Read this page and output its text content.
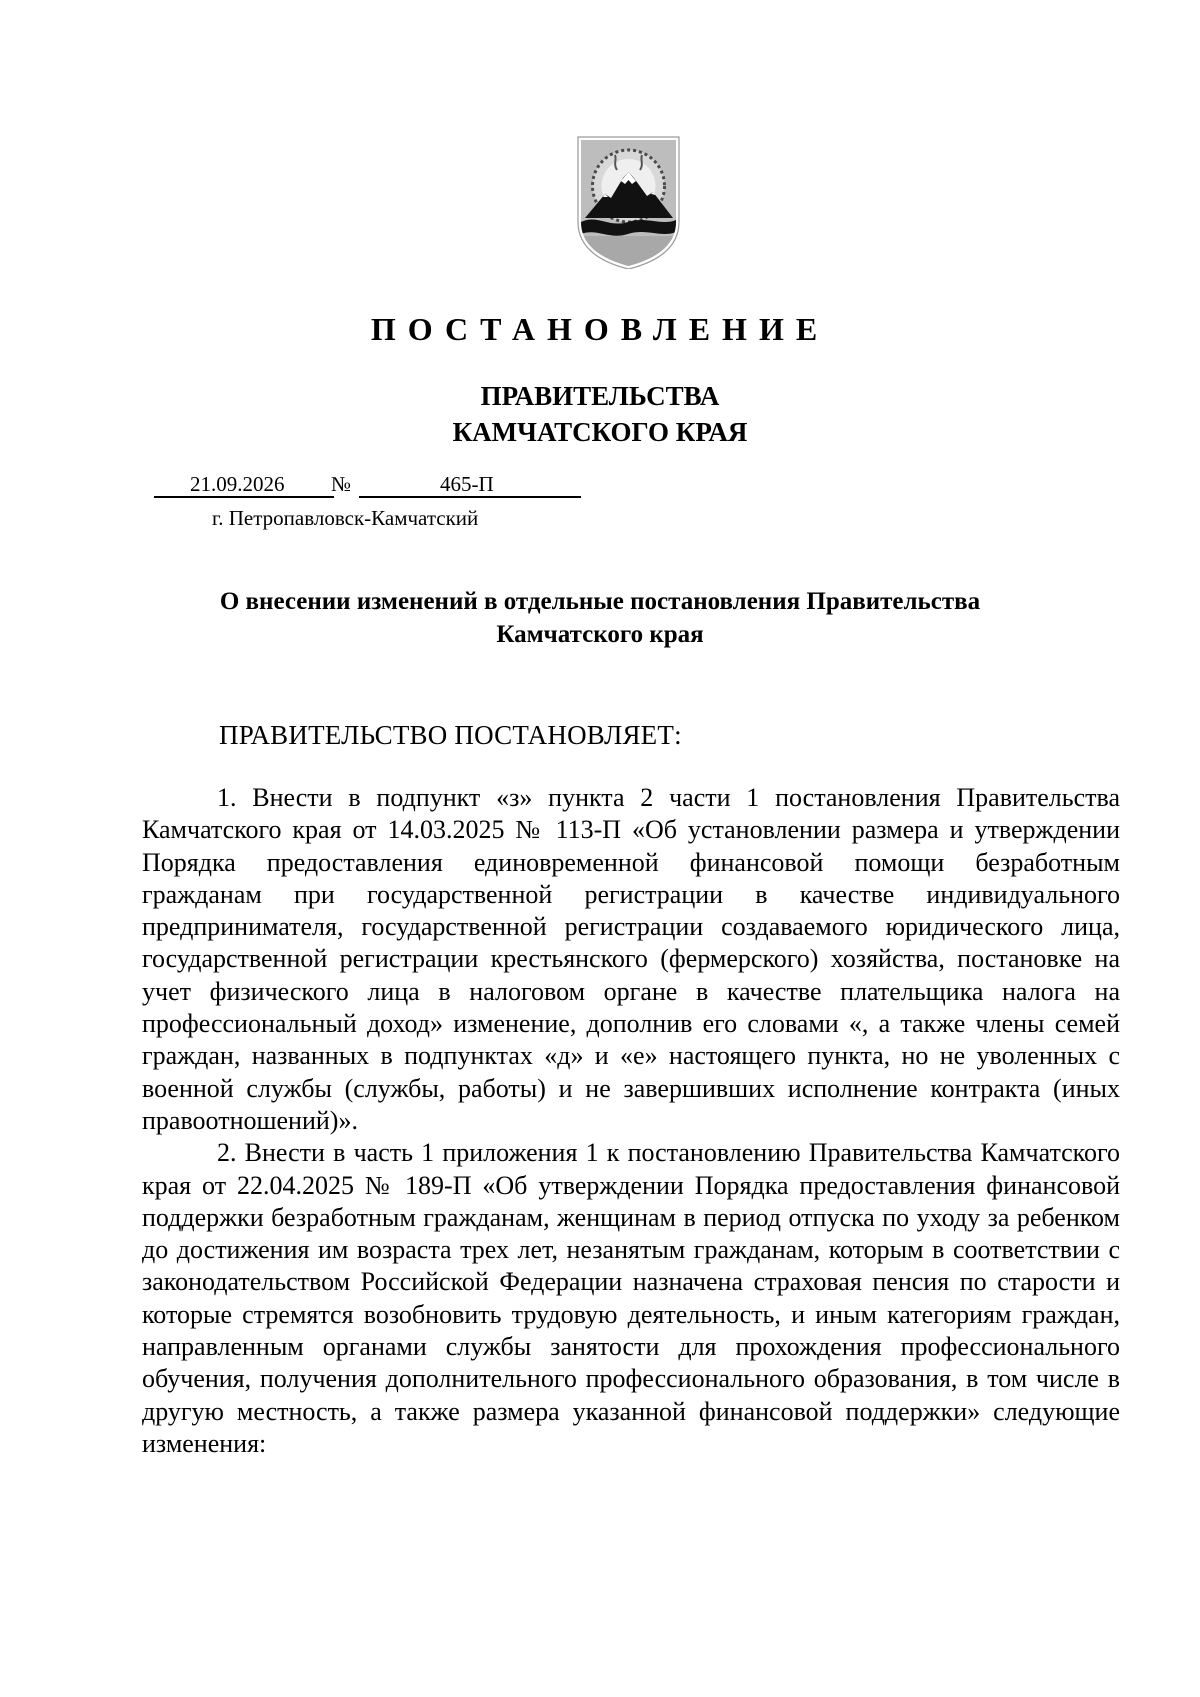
ПОСТАНОВЛЕНИЕ
ПРАВИТЕЛЬСТВА
КАМЧАТСКОГО КРАЯ
21.09.2026 №	465-П
г. Петропавловск-Камчатский
О внесении изменений в отдельные постановления Правительства
Камчатского края
ПРАВИТЕЛЬСТВО ПОСТАНОВЛЯЕТ:

1. Внести в подпункт «з» пункта 2 части 1 постановления Правительства Камчатского края от 14.03.2025 № 113-П «Об установлении размера и утверждении Порядка предоставления единовременной финансовой помощи безработным гражданам при государственной регистрации в качестве индивидуального предпринимателя, государственной регистрации создаваемого юридического лица, государственной регистрации крестьянского (фермерского) хозяйства, постановке на учет физического лица в налоговом органе в качестве плательщика налога на профессиональный доход» изменение, дополнив его словами «, а также члены семей граждан, названных в подпунктах «д» и «е» настоящего пункта, но не уволенных с военной службы (службы, работы) и не завершивших исполнение контракта (иных правоотношений)».

2. Внести в часть 1 приложения 1 к постановлению Правительства Камчатского края от 22.04.2025 № 189-П «Об утверждении Порядка предоставления финансовой поддержки безработным гражданам, женщинам в период отпуска по уходу за ребенком до достижения им возраста трех лет, незанятым гражданам, которым в соответствии с законодательством Российской Федерации назначена страховая пенсия по старости и которые стремятся возобновить трудовую деятельность, и иным категориям граждан, направленным органами службы занятости для прохождения профессионального обучения, получения дополнительного профессионального образования, в том числе в другую местность, а также размера указанной финансовой поддержки» следующие изменения:
